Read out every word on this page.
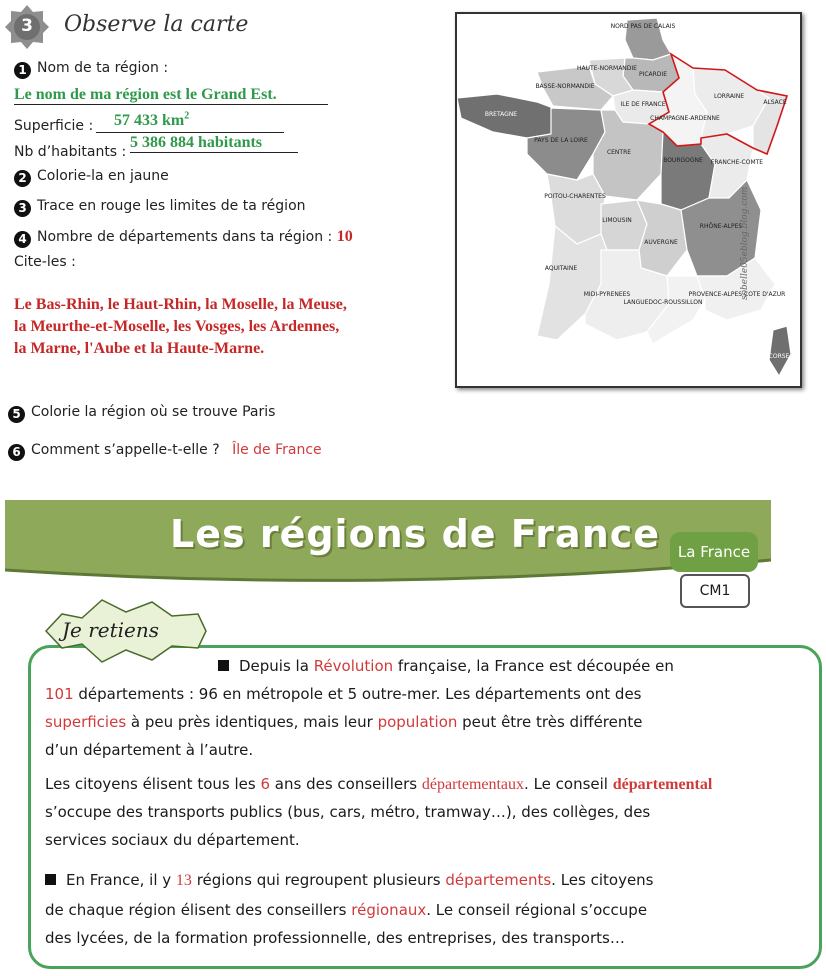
3	Observe la carte
1 Nom de ta région :
Le nom de ma région est le Grand Est.
Superficie :	57 433 $km^2$
Nb d’habitants :
5 386 884 habitants
2 Colorie-la en jaune
3 Trace en rouge les limites de ta région
4 Nombre de départements dans ta région : 10
Cite-les :
Le Bas-Rhin, le Haut-Rhin, la Moselle, la Meuse,
la Meurthe-et-Moselle, les Vosges, les Ardennes,
la Marne, l'Aube et la Haute-Marne.
5 Colorie la région où se trouve Paris
6 Comment s’appelle-t-elle ? Île de France
NORD PAS DE CALAIS
HAUTE-NORMANDIE
PICARDIE
BASSE-NORMANDIE
ILE DE FRANCE
LORRAINE
ALSACE
CHAMPAGNE-ARDENNE
BRETAGNE
PAYS DE LA LOIRE
CENTRE
BOURGOGNE FRANCHE-COMTE
POITOU-CHARENTES
LIMOUSIN
RHÔNE-ALPES
AUVERGNE
AQUITAINE
MIDI-PYRENEES
LANGUEDOC-ROUSSILLON
PROVENCE-ALPES COTE D'AZUR
CORSE
sobelle05eblog.blog.com
Les régions de France	La France
CM1
Je retiens
Depuis la Révolution française, la France est découpée en
101 départements : 96 en métropole et 5 outre-mer. Les départements ont des
superficies à peu près identiques, mais leur population peut être très différente
d’un département à l’autre.
Les citoyens élisent tous les 6 ans des conseillers départementaux. Le conseil départemental
s’occupe des transports publics (bus, cars, métro, tramway…), des collèges, des
services sociaux du département.
En France, il y 13 régions qui regroupent plusieurs départements. Les citoyens
de chaque région élisent des conseillers régionaux. Le conseil régional s’occupe
des lycées, de la formation professionnelle, des entreprises, des transports…
